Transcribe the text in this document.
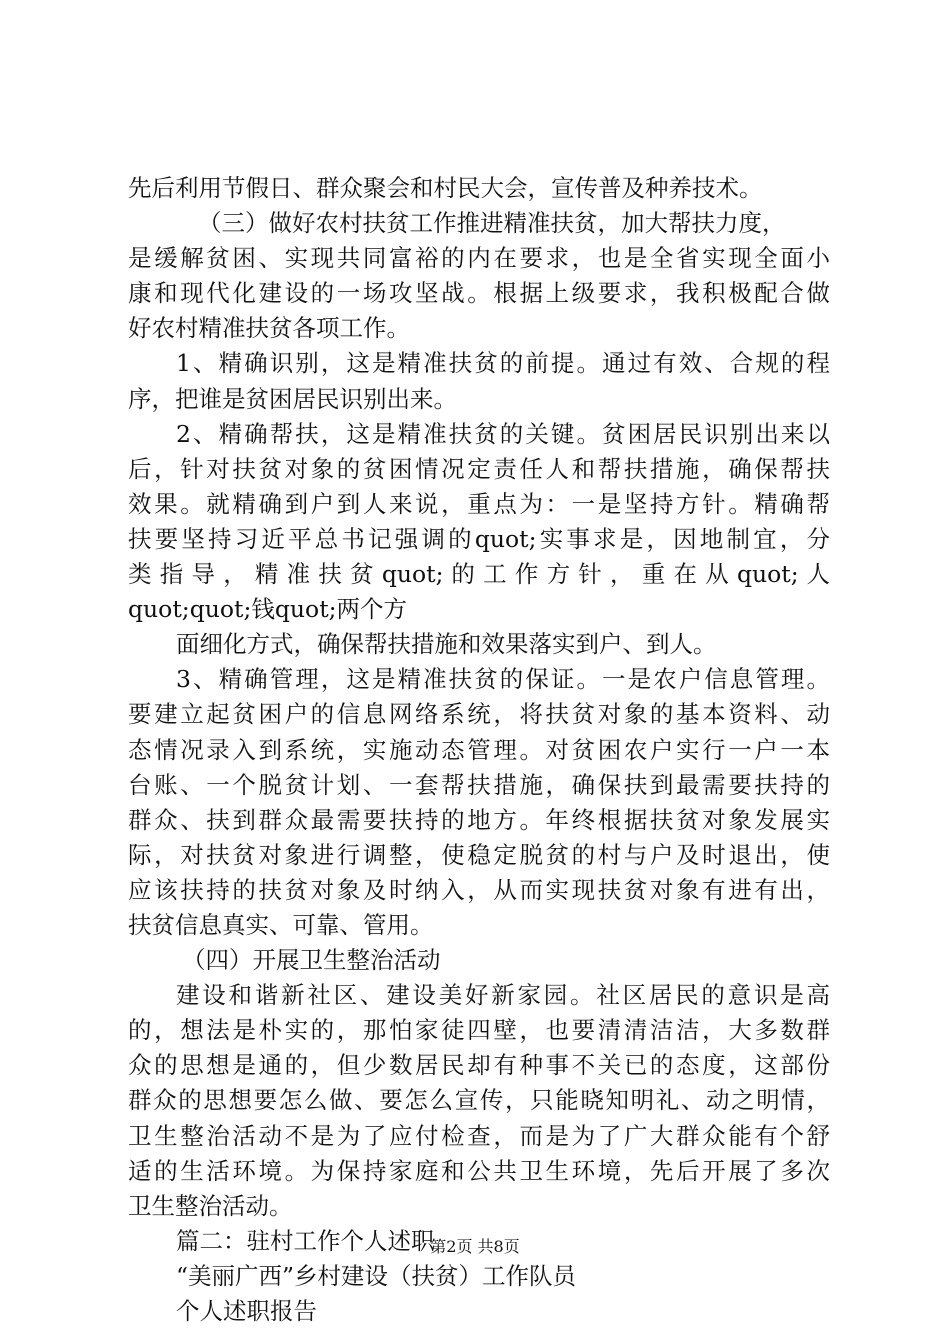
先后利用节假日、群众聚会和村民大会，宣传普及种养技术。
（三）做好农村扶贫工作推进精准扶贫，加大帮扶力度，
是缓解贫困、实现共同富裕的内在要求，也是全省实现全面小
康和现代化建设的一场攻坚战。根据上级要求，我积极配合做
好农村精准扶贫各项工作。
1、精确识别，这是精准扶贫的前提。通过有效、合规的程
序，把谁是贫困居民识别出来。
2、精确帮扶，这是精准扶贫的关键。贫困居民识别出来以
后，针对扶贫对象的贫困情况定责任人和帮扶措施，确保帮扶
效果。就精确到户到人来说，重点为：一是坚持方针。精确帮
扶要坚持习近平总书记强调的quot;实事求是，因地制宜，分
类 指 导 ， 精 准 扶 贫 quot; 的 工 作 方 针 ， 重 在 从 quot; 人
quot;quot;钱quot;两个方
面细化方式，确保帮扶措施和效果落实到户、到人。
3、精确管理，这是精准扶贫的保证。一是农户信息管理。
要建立起贫困户的信息网络系统，将扶贫对象的基本资料、动
态情况录入到系统，实施动态管理。对贫困农户实行一户一本
台账、一个脱贫计划、一套帮扶措施，确保扶到最需要扶持的
群众、扶到群众最需要扶持的地方。年终根据扶贫对象发展实
际，对扶贫对象进行调整，使稳定脱贫的村与户及时退出，使
应该扶持的扶贫对象及时纳入，从而实现扶贫对象有进有出，
扶贫信息真实、可靠、管用。
（四）开展卫生整治活动
建设和谐新社区、建设美好新家园。社区居民的意识是高
的，想法是朴实的，那怕家徒四壁，也要清清洁洁，大多数群
众的思想是通的，但少数居民却有种事不关已的态度，这部份
群众的思想要怎么做、要怎么宣传，只能晓知明礼、动之明情，
卫生整治活动不是为了应付检查，而是为了广大群众能有个舒
适的生活环境。为保持家庭和公共卫生环境，先后开展了多次
卫生整治活动。
篇二：驻村工作个人述职
“美丽广西”乡村建设（扶贫）工作队员
个人述职报告
第2页 共8页
